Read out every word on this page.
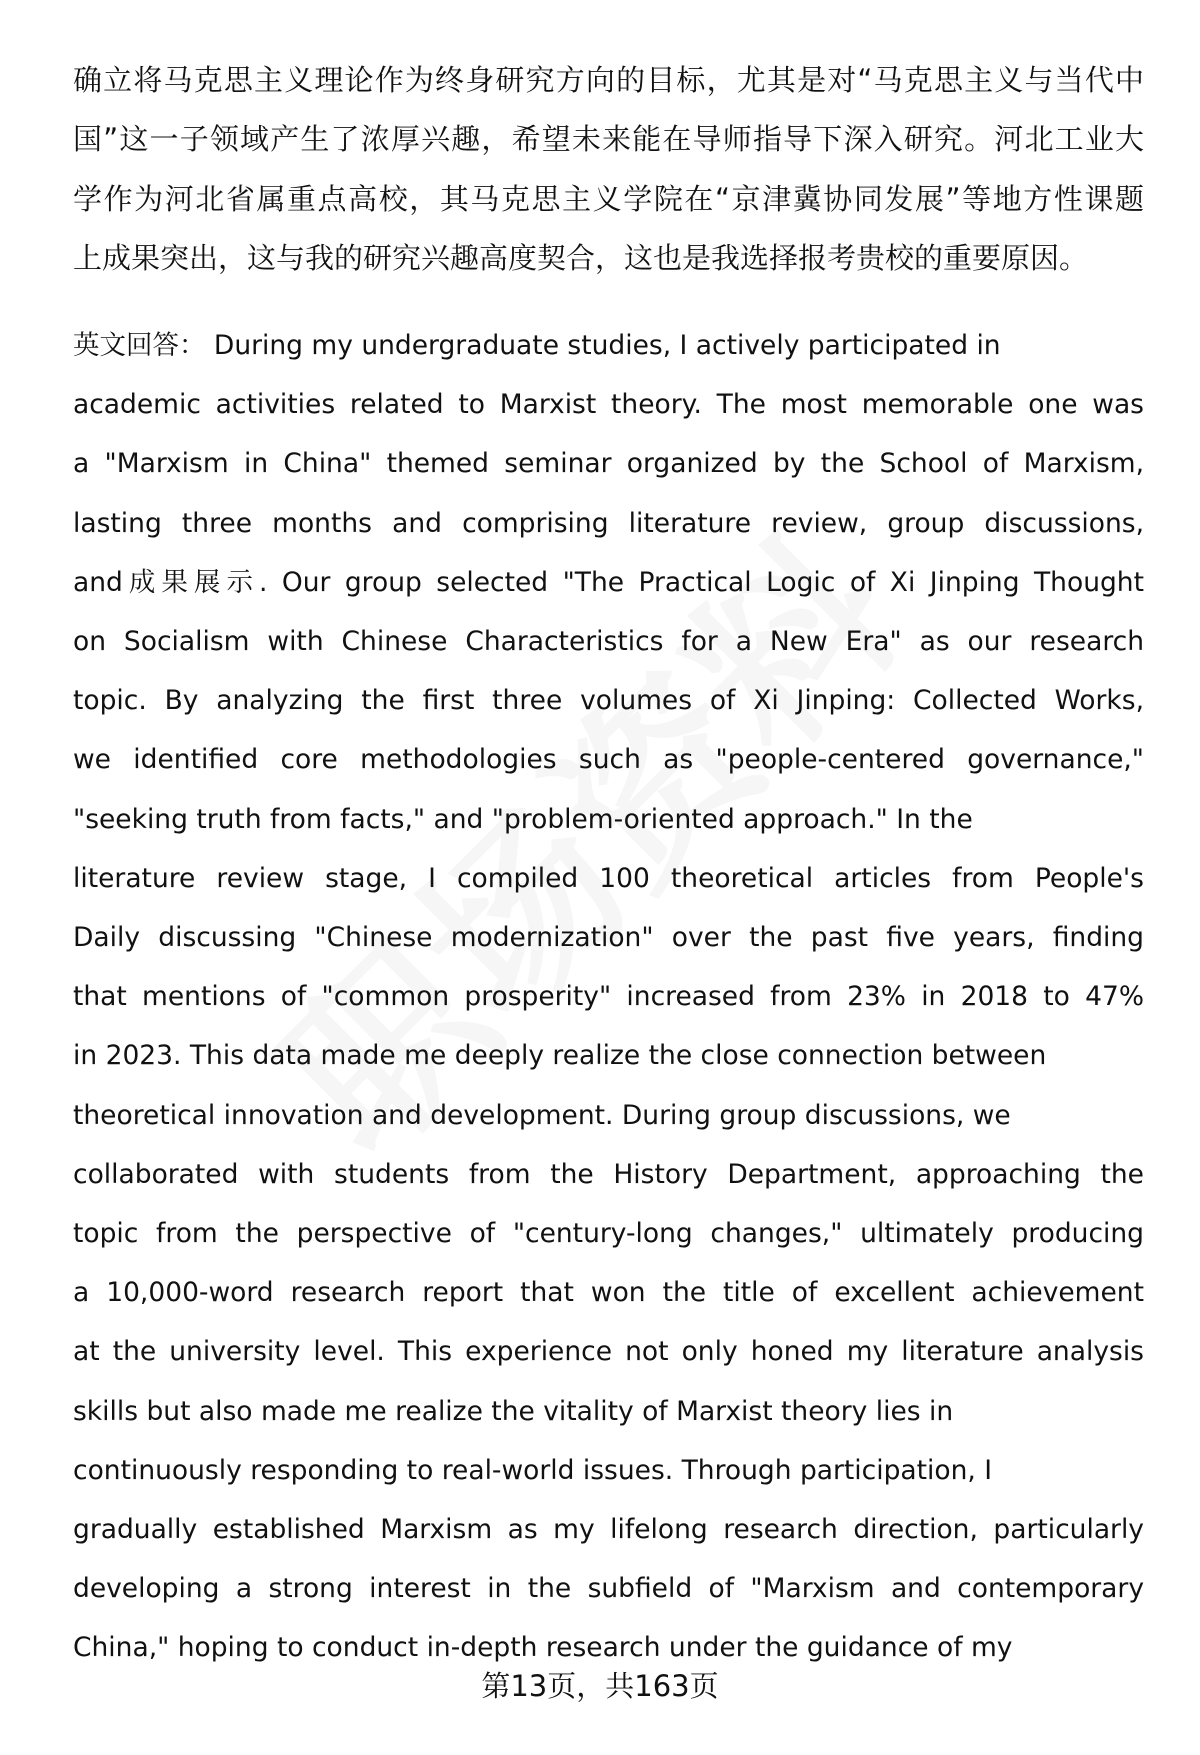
确立将马克思主义理论作为终身研究方向的目标，尤其是对“马克思主义与当代中
国”这一子领域产生了浓厚兴趣，希望未来能在导师指导下深入研究。河北工业大
学作为河北省属重点高校，其马克思主义学院在“京津冀协同发展”等地方性课题
上成果突出，这与我的研究兴趣高度契合，这也是我选择报考贵校的重要原因。
英文回答： During my undergraduate studies, I actively participated in
academic activities related to Marxist theory. The most memorable one was
a "Marxism in China" themed seminar organized by the School of Marxism,
lasting three months and comprising literature review, group discussions,
and成果展示. Our group selected "The Practical Logic of Xi Jinping Thought
on Socialism with Chinese Characteristics for a New Era" as our research
topic. By analyzing the first three volumes of Xi Jinping: Collected Works,
we identified core methodologies such as "people-centered governance,"
"seeking truth from facts," and "problem-oriented approach." In the
literature review stage, I compiled 100 theoretical articles from People's
Daily discussing "Chinese modernization" over the past five years, finding
that mentions of "common prosperity" increased from 23% in 2018 to 47%
in 2023. This data made me deeply realize the close connection between
theoretical innovation and development. During group discussions, we
collaborated with students from the History Department, approaching the
topic from the perspective of "century-long changes," ultimately producing
a 10,000-word research report that won the title of excellent achievement
at the university level. This experience not only honed my literature analysis
skills but also made me realize the vitality of Marxist theory lies in
continuously responding to real-world issues. Through participation, I
gradually established Marxism as my lifelong research direction, particularly
developing a strong interest in the subfield of "Marxism and contemporary
China," hoping to conduct in-depth research under the guidance of my
第13页，共163页
